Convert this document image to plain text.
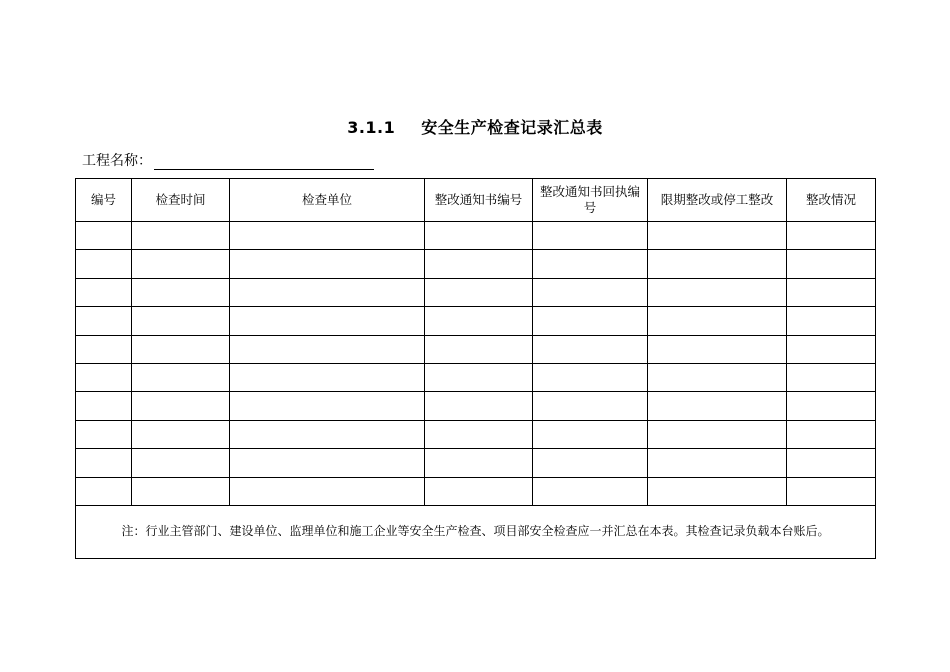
3.1.1 安全生产检查记录汇总表
工程名称：
编号	检查时间	检查单位	整改通知书编号	整改通知书回执编号	限期整改或停工整改	整改情况

注：行业主管部门、建设单位、监理单位和施工企业等安全生产检查、项目部安全检查应一并汇总在本表。其检查记录负载本台账后。						
